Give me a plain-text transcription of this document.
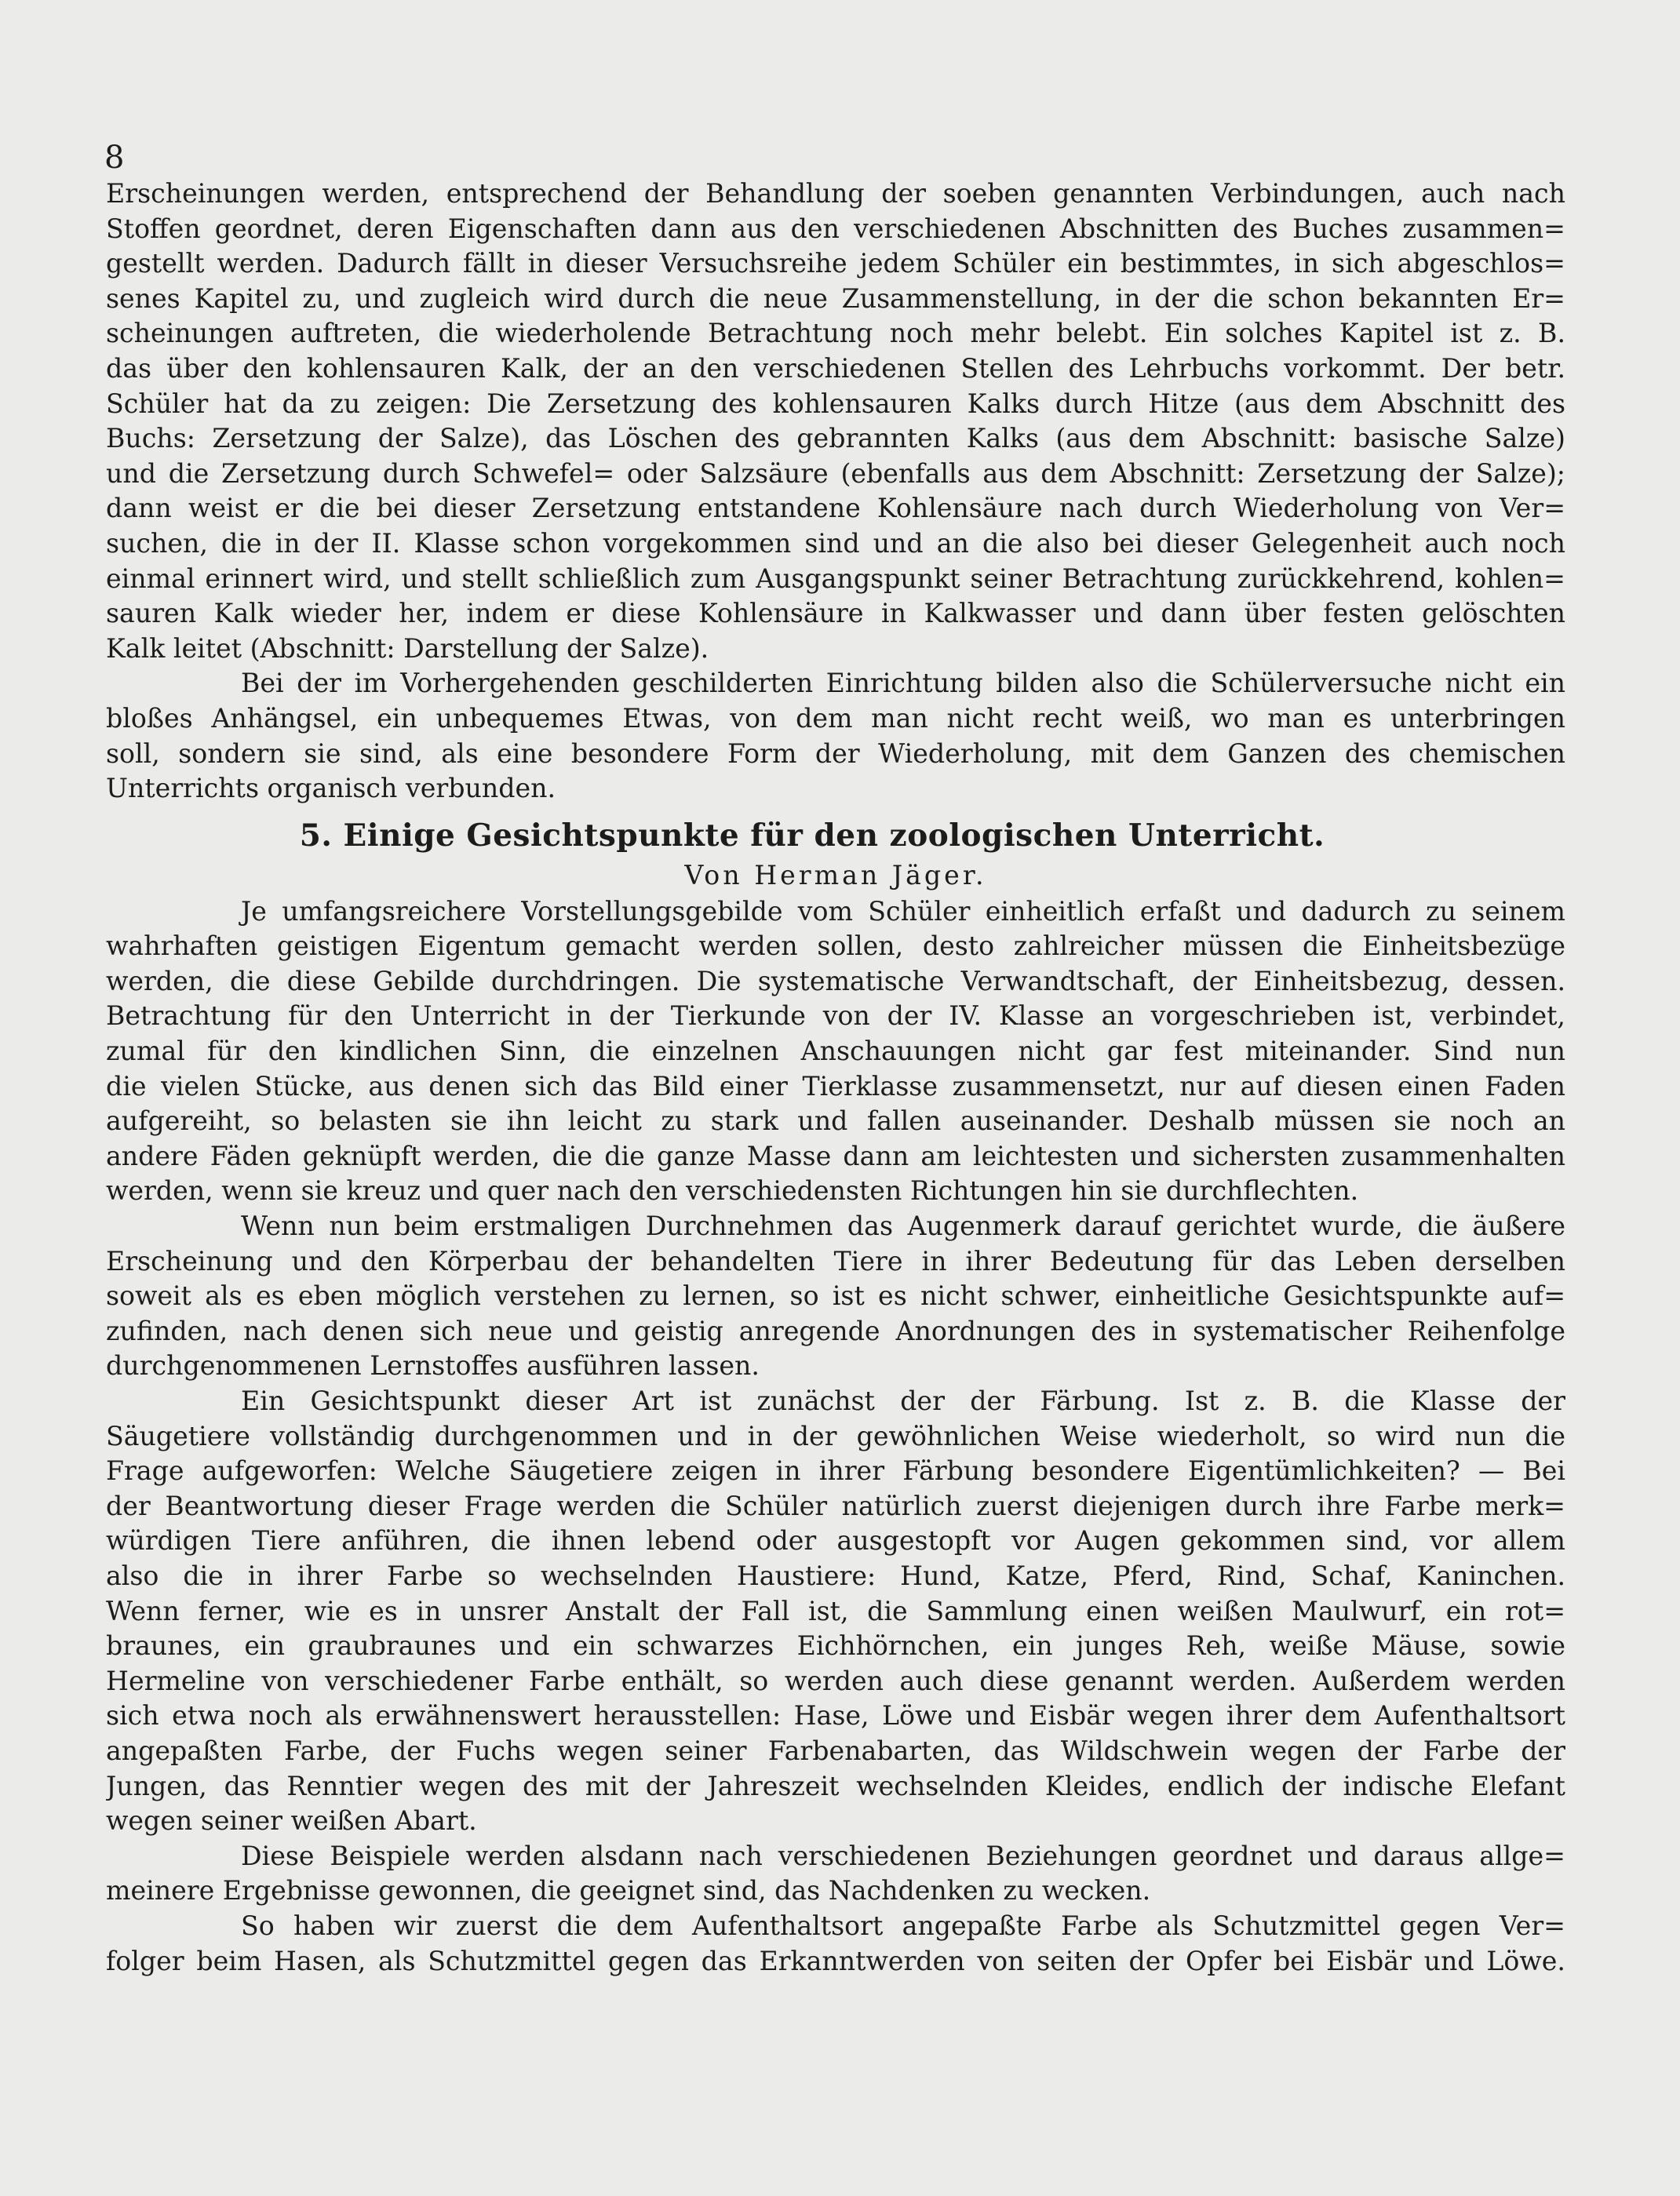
8
Erscheinungen werden, entsprechend der Behandlung der soeben genannten Verbindungen, auch nach
Stoffen geordnet, deren Eigenschaften dann aus den verschiedenen Abschnitten des Buches zusammen=
gestellt werden. Dadurch fällt in dieser Versuchsreihe jedem Schüler ein bestimmtes, in sich abgeschlos=
senes Kapitel zu, und zugleich wird durch die neue Zusammenstellung, in der die schon bekannten Er=
scheinungen auftreten, die wiederholende Betrachtung noch mehr belebt. Ein solches Kapitel ist z. B.
das über den kohlensauren Kalk, der an den verschiedenen Stellen des Lehrbuchs vorkommt. Der betr.
Schüler hat da zu zeigen: Die Zersetzung des kohlensauren Kalks durch Hitze (aus dem Abschnitt des
Buchs: Zersetzung der Salze), das Löschen des gebrannten Kalks (aus dem Abschnitt: basische Salze)
und die Zersetzung durch Schwefel= oder Salzsäure (ebenfalls aus dem Abschnitt: Zersetzung der Salze);
dann weist er die bei dieser Zersetzung entstandene Kohlensäure nach durch Wiederholung von Ver=
suchen, die in der II. Klasse schon vorgekommen sind und an die also bei dieser Gelegenheit auch noch
einmal erinnert wird, und stellt schließlich zum Ausgangspunkt seiner Betrachtung zurückkehrend, kohlen=
sauren Kalk wieder her, indem er diese Kohlensäure in Kalkwasser und dann über festen gelöschten
Kalk leitet (Abschnitt: Darstellung der Salze).
Bei der im Vorhergehenden geschilderten Einrichtung bilden also die Schülerversuche nicht ein
bloßes Anhängsel, ein unbequemes Etwas, von dem man nicht recht weiß, wo man es unterbringen
soll, sondern sie sind, als eine besondere Form der Wiederholung, mit dem Ganzen des chemischen
Unterrichts organisch verbunden.
5. Einige Gesichtspunkte für den zoologischen Unterricht.
Von Herman Jäger.
Je umfangsreichere Vorstellungsgebilde vom Schüler einheitlich erfaßt und dadurch zu seinem
wahrhaften geistigen Eigentum gemacht werden sollen, desto zahlreicher müssen die Einheitsbezüge
werden, die diese Gebilde durchdringen. Die systematische Verwandtschaft, der Einheitsbezug, dessen.
Betrachtung für den Unterricht in der Tierkunde von der IV. Klasse an vorgeschrieben ist, verbindet,
zumal für den kindlichen Sinn, die einzelnen Anschauungen nicht gar fest miteinander. Sind nun
die vielen Stücke, aus denen sich das Bild einer Tierklasse zusammensetzt, nur auf diesen einen Faden
aufgereiht, so belasten sie ihn leicht zu stark und fallen auseinander. Deshalb müssen sie noch an
andere Fäden geknüpft werden, die die ganze Masse dann am leichtesten und sichersten zusammenhalten
werden, wenn sie kreuz und quer nach den verschiedensten Richtungen hin sie durchflechten.
Wenn nun beim erstmaligen Durchnehmen das Augenmerk darauf gerichtet wurde, die äußere
Erscheinung und den Körperbau der behandelten Tiere in ihrer Bedeutung für das Leben derselben
soweit als es eben möglich verstehen zu lernen, so ist es nicht schwer, einheitliche Gesichtspunkte auf=
zufinden, nach denen sich neue und geistig anregende Anordnungen des in systematischer Reihenfolge
durchgenommenen Lernstoffes ausführen lassen.
Ein Gesichtspunkt dieser Art ist zunächst der der Färbung. Ist z. B. die Klasse der
Säugetiere vollständig durchgenommen und in der gewöhnlichen Weise wiederholt, so wird nun die
Frage aufgeworfen: Welche Säugetiere zeigen in ihrer Färbung besondere Eigentümlichkeiten? — Bei
der Beantwortung dieser Frage werden die Schüler natürlich zuerst diejenigen durch ihre Farbe merk=
würdigen Tiere anführen, die ihnen lebend oder ausgestopft vor Augen gekommen sind, vor allem
also die in ihrer Farbe so wechselnden Haustiere: Hund, Katze, Pferd, Rind, Schaf, Kaninchen.
Wenn ferner, wie es in unsrer Anstalt der Fall ist, die Sammlung einen weißen Maulwurf, ein rot=
braunes, ein graubraunes und ein schwarzes Eichhörnchen, ein junges Reh, weiße Mäuse, sowie
Hermeline von verschiedener Farbe enthält, so werden auch diese genannt werden. Außerdem werden
sich etwa noch als erwähnenswert herausstellen: Hase, Löwe und Eisbär wegen ihrer dem Aufenthaltsort
angepaßten Farbe, der Fuchs wegen seiner Farbenabarten, das Wildschwein wegen der Farbe der
Jungen, das Renntier wegen des mit der Jahreszeit wechselnden Kleides, endlich der indische Elefant
wegen seiner weißen Abart.
Diese Beispiele werden alsdann nach verschiedenen Beziehungen geordnet und daraus allge=
meinere Ergebnisse gewonnen, die geeignet sind, das Nachdenken zu wecken.
So haben wir zuerst die dem Aufenthaltsort angepaßte Farbe als Schutzmittel gegen Ver=
folger beim Hasen, als Schutzmittel gegen das Erkanntwerden von seiten der Opfer bei Eisbär und Löwe.
